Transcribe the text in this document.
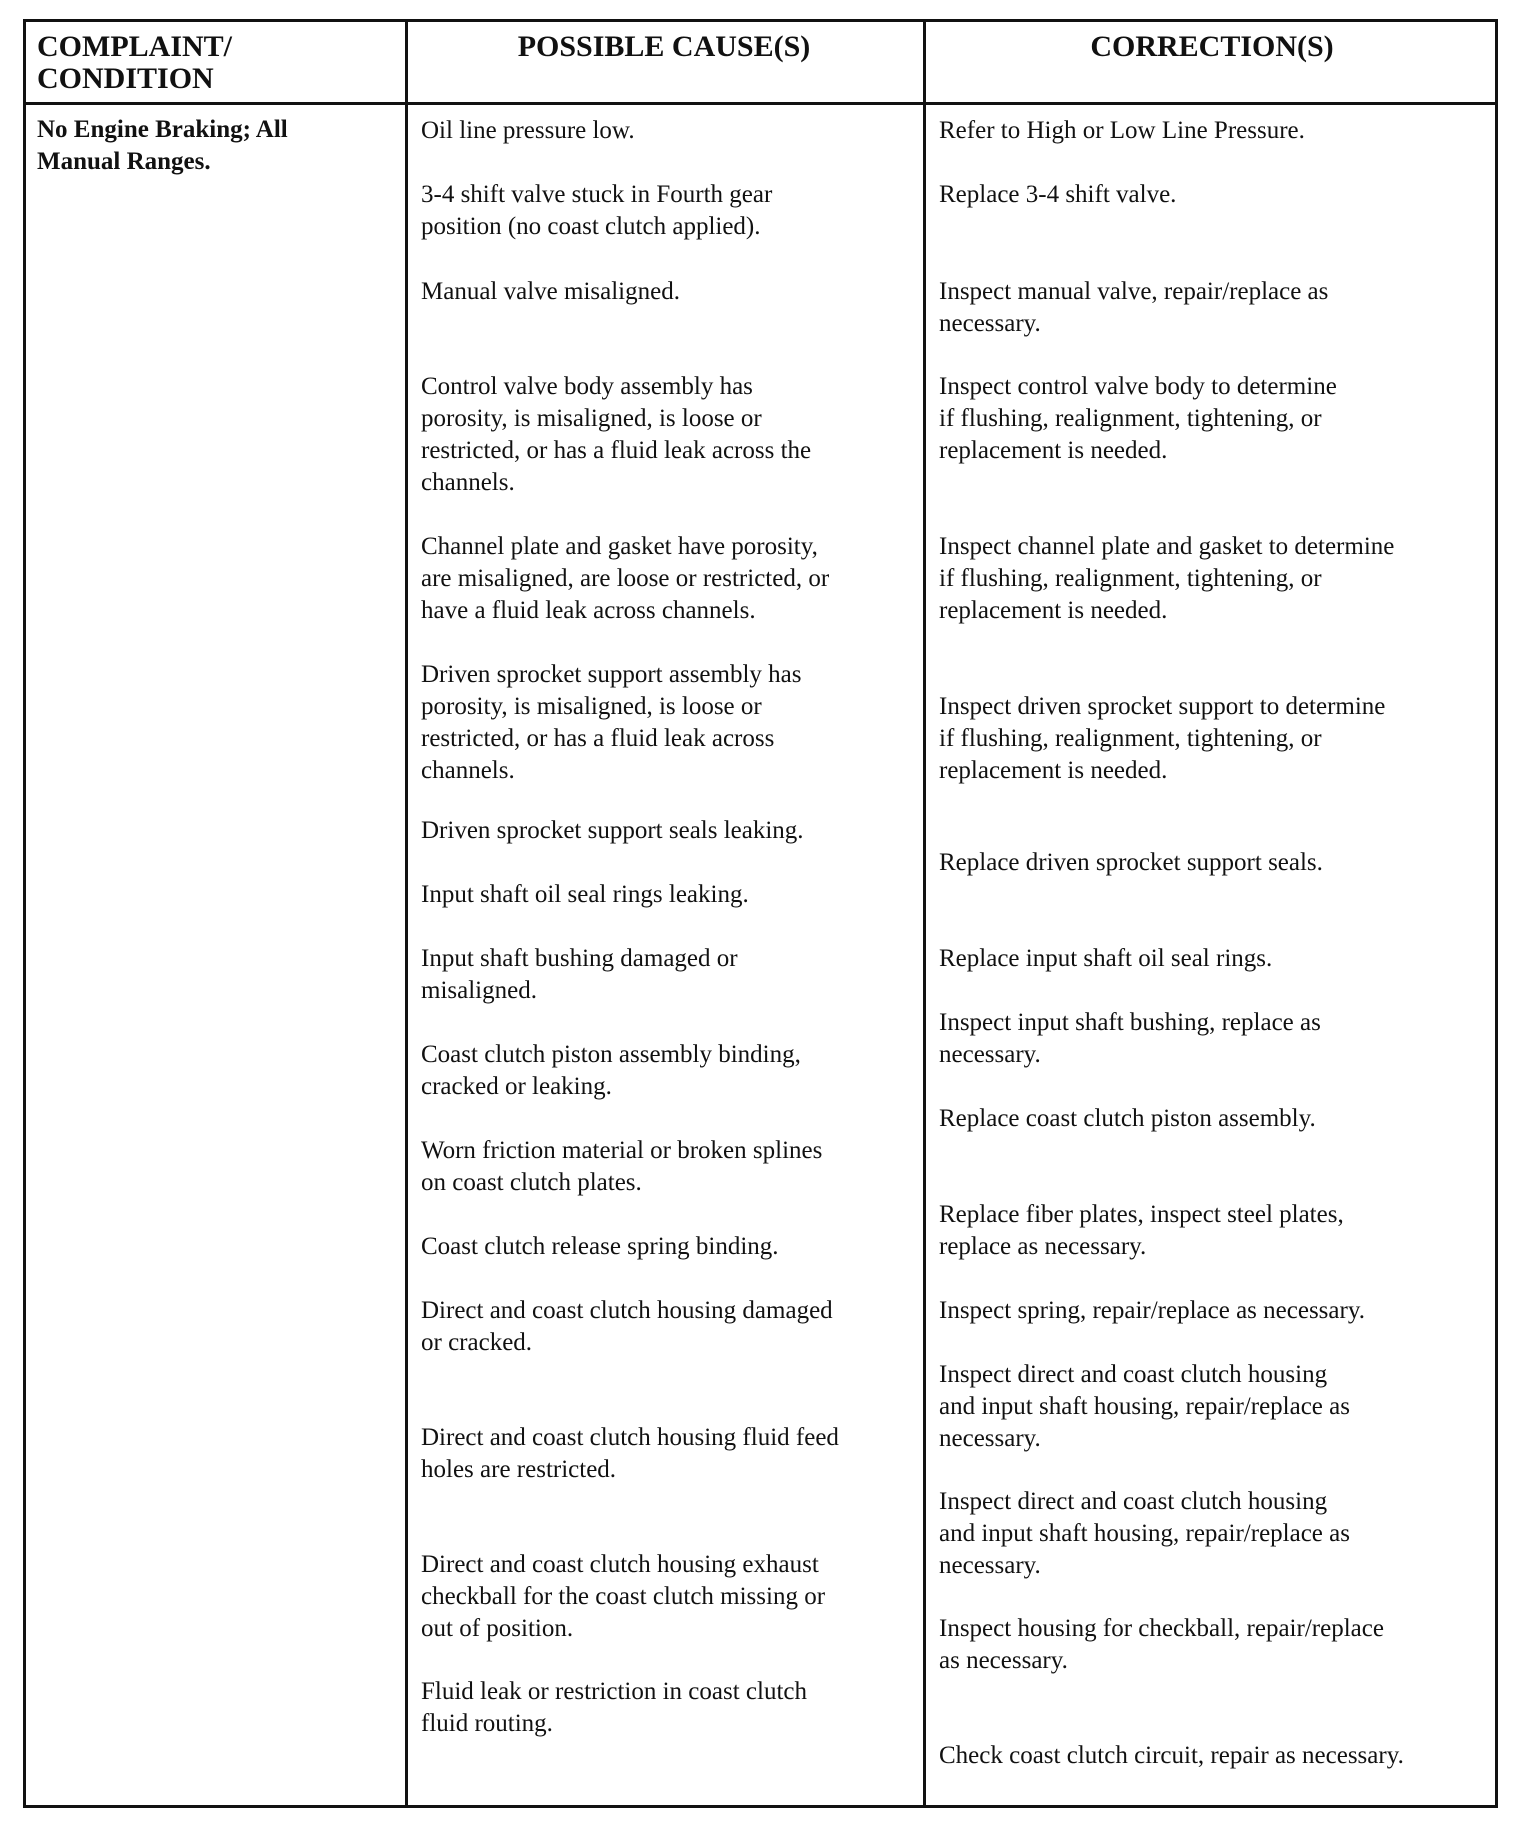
COMPLAINT/
CONDITION
POSSIBLE CAUSE(S)	CORRECTION(S)
No Engine Braking; All
Manual Ranges.
Oil line pressure low.
3-4 shift valve stuck in Fourth gear
position (no coast clutch applied).
Manual valve misaligned.
Control valve body assembly has
porosity, is misaligned, is loose or
restricted, or has a fluid leak across the
channels.
Channel plate and gasket have porosity,
are misaligned, are loose or restricted, or
have a fluid leak across channels.
Driven sprocket support assembly has
porosity, is misaligned, is loose or
restricted, or has a fluid leak across
channels.
Driven sprocket support seals leaking.
Input shaft oil seal rings leaking.
Input shaft bushing damaged or
misaligned.
Coast clutch piston assembly binding,
cracked or leaking.
Worn friction material or broken splines
on coast clutch plates.
Coast clutch release spring binding.
Direct and coast clutch housing damaged
or cracked.
Direct and coast clutch housing fluid feed
holes are restricted.
Direct and coast clutch housing exhaust
checkball for the coast clutch missing or
out of position.
Fluid leak or restriction in coast clutch
fluid routing.
Refer to High or Low Line Pressure.
Replace 3-4 shift valve.
Inspect manual valve, repair/replace as
necessary.
Inspect control valve body to determine
if flushing, realignment, tightening, or
replacement is needed.
Inspect channel plate and gasket to determine
if flushing, realignment, tightening, or
replacement is needed.
Inspect driven sprocket support to determine
if flushing, realignment, tightening, or
replacement is needed.
Replace driven sprocket support seals.
Replace input shaft oil seal rings.
Inspect input shaft bushing, replace as
necessary.
Replace coast clutch piston assembly.
Replace fiber plates, inspect steel plates,
replace as necessary.
Inspect spring, repair/replace as necessary.
Inspect direct and coast clutch housing
and input shaft housing, repair/replace as
necessary.
Inspect direct and coast clutch housing
and input shaft housing, repair/replace as
necessary.
Inspect housing for checkball, repair/replace
as necessary.
Check coast clutch circuit, repair as necessary.
